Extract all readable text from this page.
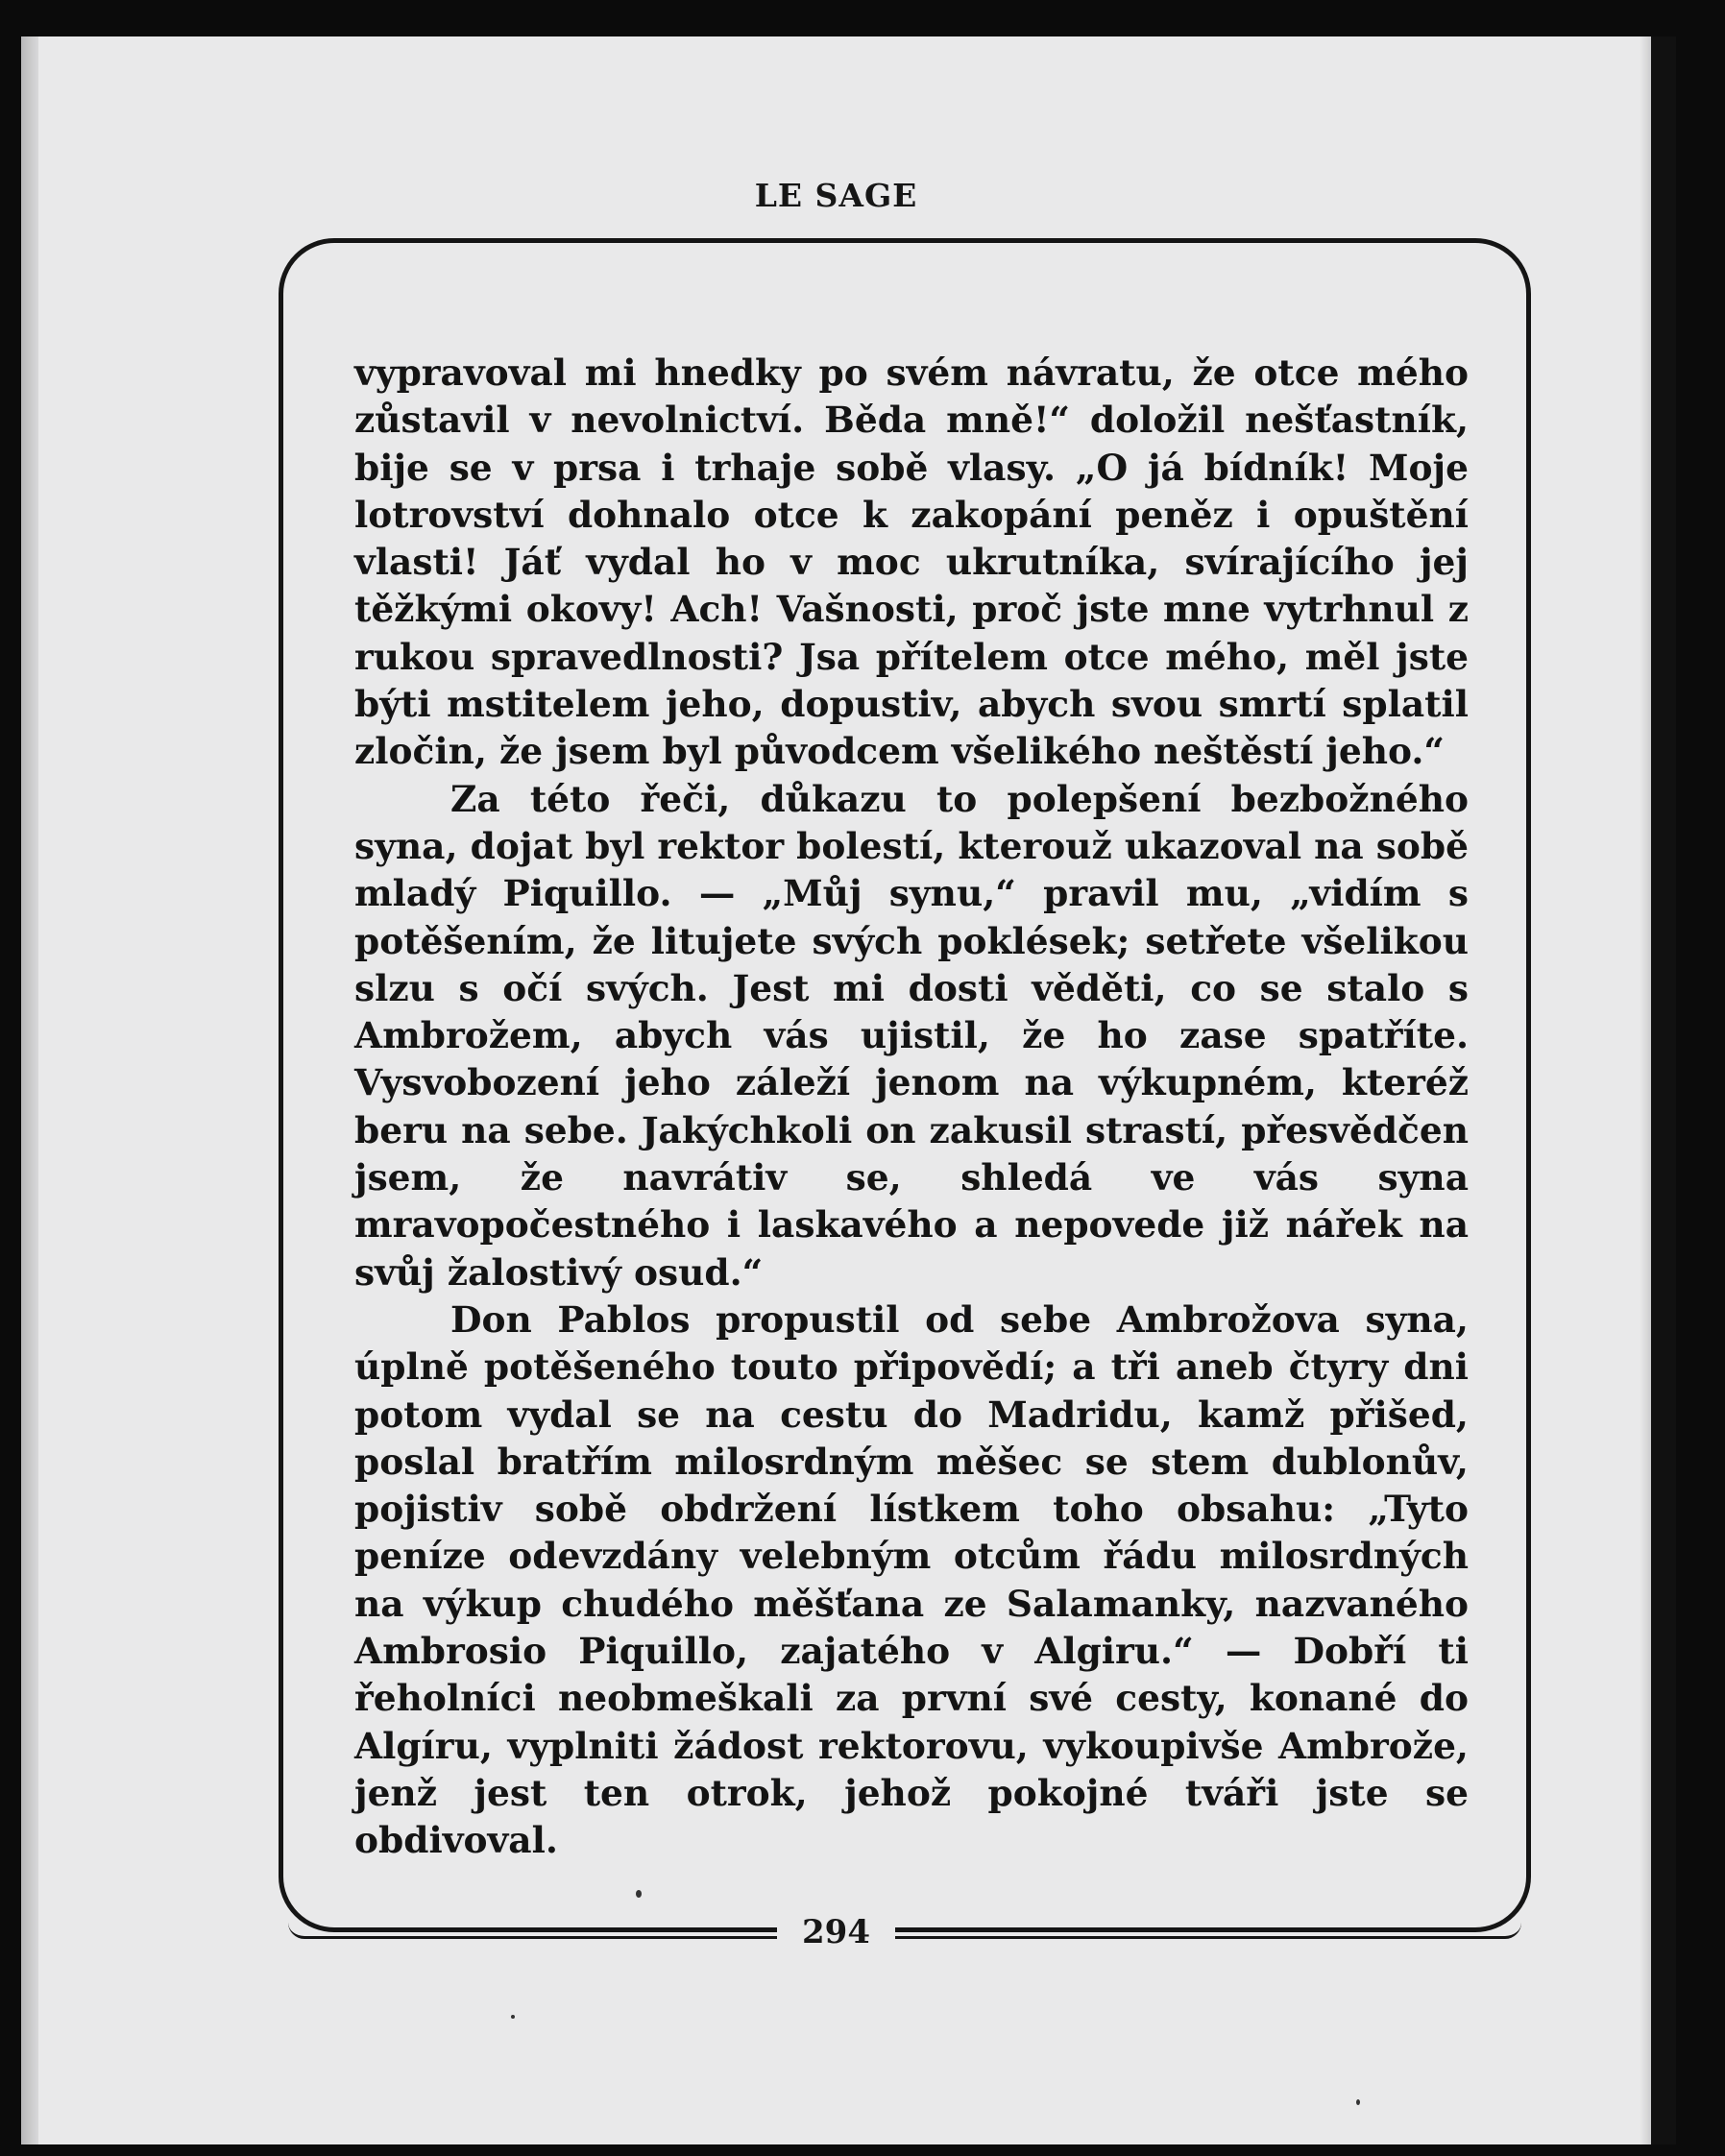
LE SAGE

vypravoval mi hnedky po svém návratu, že otce mého zůstavil v nevolnictví. Běda mně!“ doložil nešťastník, bije se v prsa i trhaje sobě vlasy. „O já bídník! Moje lotrovství dohnalo otce k zakopání peněz i opuštění vlasti! Jáť vydal ho v moc ukrutníka, svírajícího jej těžkými okovy! Ach! Vašnosti, proč jste mne vytrhnul z rukou spravedlnosti? Jsa přítelem otce mého, měl jste býti mstitelem jeho, dopustiv, abych svou smrtí splatil zločin, že jsem byl původcem všelikého neštěstí jeho.“

Za této řeči, důkazu to polepšení bezbožného syna, dojat byl rektor bolestí, kterouž ukazoval na sobě mladý Piquillo. — „Můj synu,“ pravil mu, „vidím s potěšením, že litujete svých poklések; setřete všelikou slzu s očí svých. Jest mi dosti věděti, co se stalo s Ambrožem, abych vás ujistil, že ho zase spatříte. Vysvobození jeho záleží jenom na výkupném, kteréž beru na sebe. Jakýchkoli on zakusil strastí, přesvědčen jsem, že navrátiv se, shledá ve vás syna mravopočestného i laskavého a nepovede již nářek na svůj žalostivý osud.“

Don Pablos propustil od sebe Ambrožova syna, úplně potěšeného touto připovědí; a tři aneb čtyry dni potom vydal se na cestu do Madridu, kamž přišed, poslal bratřím milosrdným měšec se stem dublonův, pojistiv sobě obdržení lístkem toho obsahu: „Tyto peníze odevzdány velebným otcům řádu milosrdných na výkup chudého měšťana ze Salamanky, nazvaného Ambrosio Piquillo, zajatého v Algiru.“ — Dobří ti řeholníci neobmeškali za první své cesty, konané do Algíru, vyplniti žádost rektorovu, vykoupivše Ambrože, jenž jest ten otrok, jehož pokojné tváři jste se obdivoval.

294
